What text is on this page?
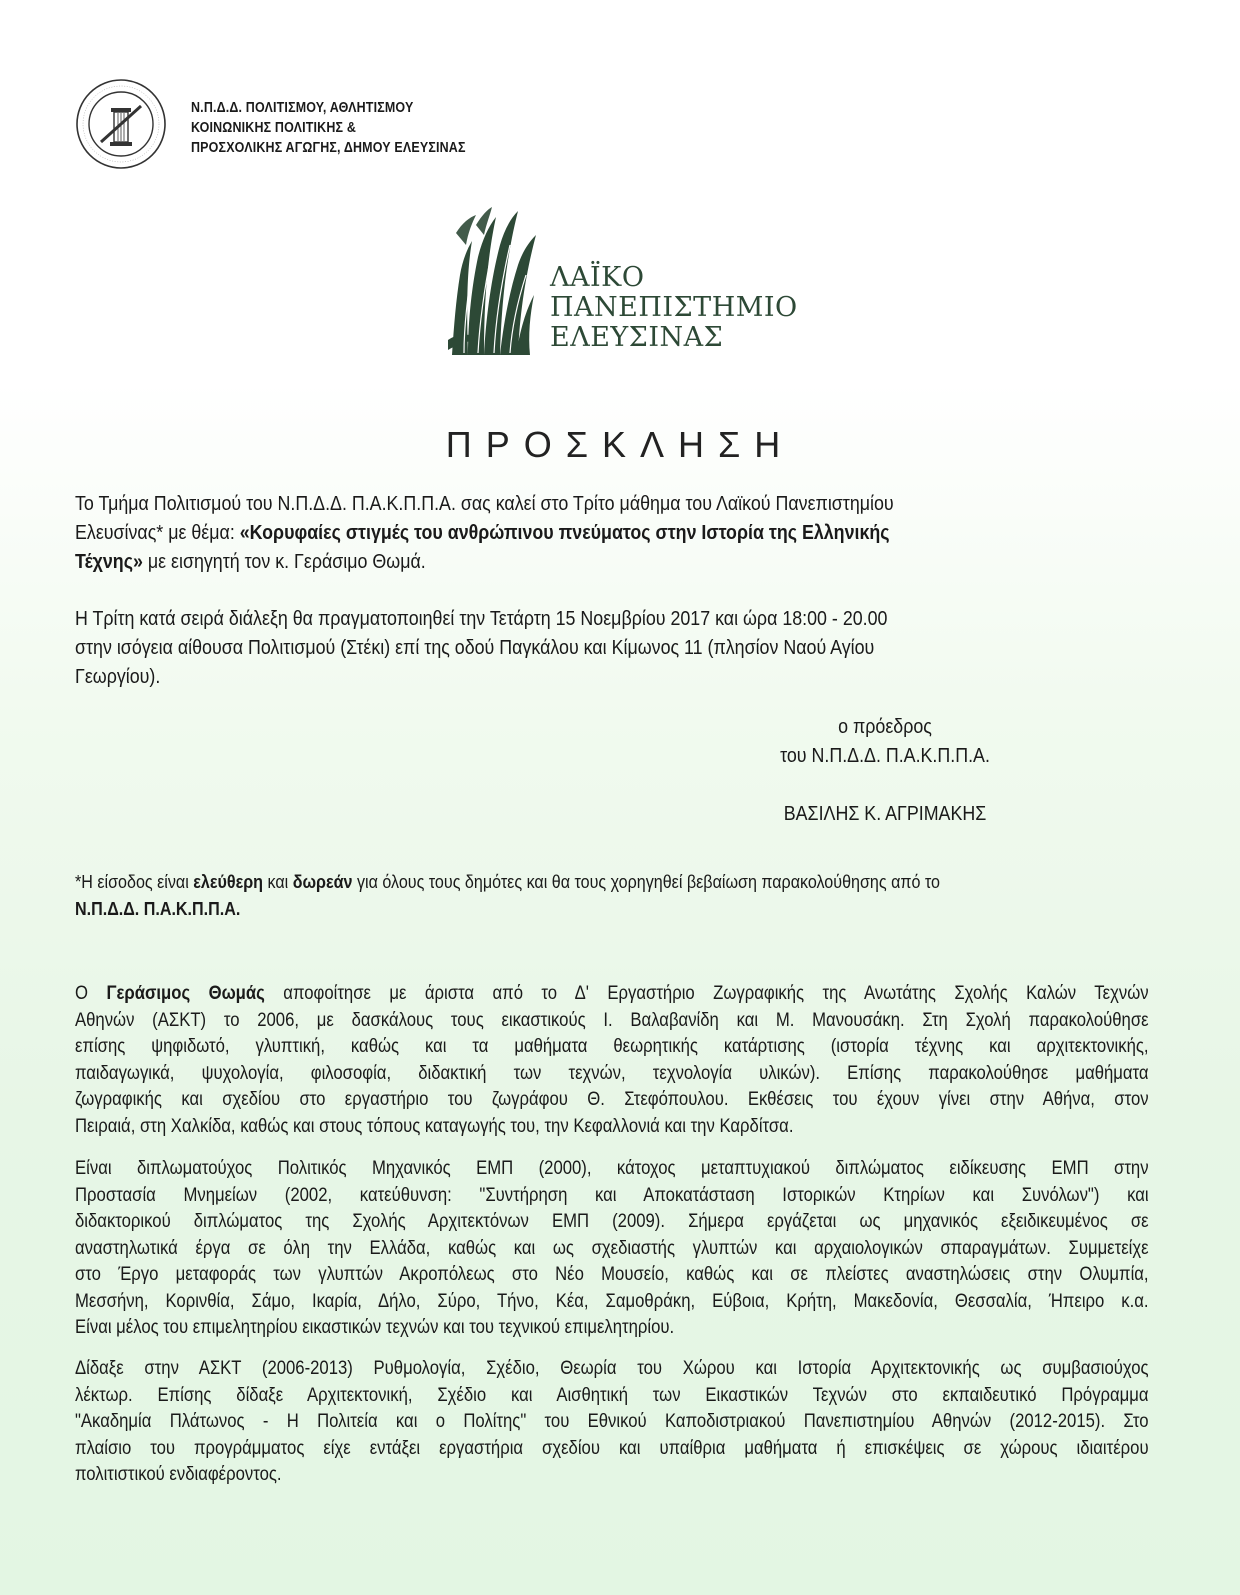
Ν.Π.Δ.Δ. ΠΟΛΙΤΙΣΜΟΥ, ΑΘΛΗΤΙΣΜΟΥ
ΚΟΙΝΩΝΙΚΗΣ ΠΟΛΙΤΙΚΗΣ &
ΠΡΟΣΧΟΛΙΚΗΣ ΑΓΩΓΗΣ, ΔΗΜΟΥ ΕΛΕΥΣΙΝΑΣ
ΛΑΪΚΟ
ΠΑΝΕΠΙΣΤΗΜΙΟ
ΕΛΕΥΣΙΝΑΣ
ΠΡΟΣΚΛΗΣΗ
Το Τμήμα Πολιτισμού του Ν.Π.Δ.Δ. Π.Α.Κ.Π.Π.Α. σας καλεί στο Τρίτο μάθημα του Λαϊκού Πανεπιστημίου
Ελευσίνας* με θέμα: «Κορυφαίες στιγμές του ανθρώπινου πνεύματος στην Ιστορία της Ελληνικής
Τέχνης» με εισηγητή τον κ. Γεράσιμο Θωμά.
Η Τρίτη κατά σειρά διάλεξη θα πραγματοποιηθεί την Τετάρτη 15 Νοεμβρίου 2017 και ώρα 18:00 - 20.00
στην ισόγεια αίθουσα Πολιτισμού (Στέκι) επί της οδού Παγκάλου και Κίμωνος 11 (πλησίον Ναού Αγίου
Γεωργίου).
ο πρόεδρος
του Ν.Π.Δ.Δ. Π.Α.Κ.Π.Π.Α.
ΒΑΣΙΛΗΣ Κ. ΑΓΡΙΜΑΚΗΣ
*Η είσοδος είναι ελεύθερη και δωρεάν για όλους τους δημότες και θα τους χορηγηθεί βεβαίωση παρακολούθησης από το
Ν.Π.Δ.Δ. Π.Α.Κ.Π.Π.Α.
Ο Γεράσιμος Θωμάς αποφοίτησε με άριστα από το Δ' Εργαστήριο Ζωγραφικής της Ανωτάτης Σχολής Καλών Τεχνών
Αθηνών (ΑΣΚΤ) το 2006, με δασκάλους τους εικαστικούς Ι. Βαλαβανίδη και Μ. Μανουσάκη. Στη Σχολή παρακολούθησε
επίσης ψηφιδωτό, γλυπτική, καθώς και τα μαθήματα θεωρητικής κατάρτισης (ιστορία τέχνης και αρχιτεκτονικής,
παιδαγωγικά, ψυχολογία, φιλοσοφία, διδακτική των τεχνών, τεχνολογία υλικών). Επίσης παρακολούθησε μαθήματα
ζωγραφικής και σχεδίου στο εργαστήριο του ζωγράφου Θ. Στεφόπουλου. Εκθέσεις του έχουν γίνει στην Αθήνα, στον
Πειραιά, στη Χαλκίδα, καθώς και στους τόπους καταγωγής του, την Κεφαλλονιά και την Καρδίτσα.
Είναι διπλωματούχος Πολιτικός Μηχανικός ΕΜΠ (2000), κάτοχος μεταπτυχιακού διπλώματος ειδίκευσης ΕΜΠ στην
Προστασία Μνημείων (2002, κατεύθυνση: "Συντήρηση και Αποκατάσταση Ιστορικών Κτηρίων και Συνόλων") και
διδακτορικού διπλώματος της Σχολής Αρχιτεκτόνων ΕΜΠ (2009). Σήμερα εργάζεται ως μηχανικός εξειδικευμένος σε
αναστηλωτικά έργα σε όλη την Ελλάδα, καθώς και ως σχεδιαστής γλυπτών και αρχαιολογικών σπαραγμάτων. Συμμετείχε
στο Έργο μεταφοράς των γλυπτών Ακροπόλεως στο Νέο Μουσείο, καθώς και σε πλείστες αναστηλώσεις στην Ολυμπία,
Μεσσήνη, Κορινθία, Σάμο, Ικαρία, Δήλο, Σύρο, Τήνο, Κέα, Σαμοθράκη, Εύβοια, Κρήτη, Μακεδονία, Θεσσαλία, Ήπειρο κ.α.
Είναι μέλος του επιμελητηρίου εικαστικών τεχνών και του τεχνικού επιμελητηρίου.
Δίδαξε στην ΑΣΚΤ (2006-2013) Ρυθμολογία, Σχέδιο, Θεωρία του Χώρου και Ιστορία Αρχιτεκτονικής ως συμβασιούχος
λέκτωρ. Επίσης δίδαξε Αρχιτεκτονική, Σχέδιο και Αισθητική των Εικαστικών Τεχνών στο εκπαιδευτικό Πρόγραμμα
"Ακαδημία Πλάτωνος - Η Πολιτεία και ο Πολίτης" του Εθνικού Καποδιστριακού Πανεπιστημίου Αθηνών (2012-2015). Στο
πλαίσιο του προγράμματος είχε εντάξει εργαστήρια σχεδίου και υπαίθρια μαθήματα ή επισκέψεις σε χώρους ιδιαιτέρου
πολιτιστικού ενδιαφέροντος.
